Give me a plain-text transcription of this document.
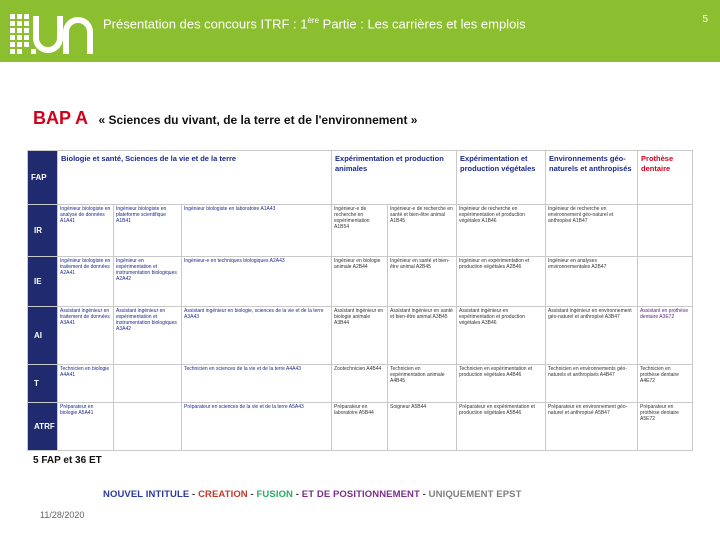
Présentation des concours ITRF : 1ère Partie : Les carrières et les emplois	5
BAP A « Sciences du vivant, de la terre et de l'environnement »
FAP	Biologie et santé, Sciences de la vie et de la terre			Expérimentation et production animales		Expérimentation et production végétales	Environnements géo-naturels et anthropisés	Prothèse dentaire
IR	Ingénieur biologiste en analyse de données A1A41	Ingénieur biologiste en plateforme scientifique A1B41	Ingénieur biologiste en laboratoire A1A43	Ingénieur-e de recherche en expérimentation A1B54	Ingénieur-e de recherche en santé et bien-être animal A1B45	Ingénieur de recherche en expérimentation et production végétales A1B46	Ingénieur de recherche en environnement géo-naturel et anthropisé A1B47	
IE	Ingénieur biologiste en traitement de données A2A41	Ingénieur en expérimentation et instrumentation biologiques A2A42	Ingénieur-e en techniques biologiques A2A43	Ingénieur en biologie animale A2B44	Ingénieur en santé et bien-être animal A2B45	Ingénieur en expérimentation et production végétales A2B46	Ingénieur en analyses environnementales A2B47	
AI	Assistant ingénieur en traitement de données A3A41	Assistant ingénieur en expérimentation et instrumentation biologiques A3A42	Assistant ingénieur en biologie, sciences de la vie et de la terre A3A43	Assistant ingénieur en biologie animale A3B44	Assistant ingénieur en santé et bien-être animal A3B45	Assistant ingénieur en expérimentation et production végétales A3B46	Assistant ingénieur en environnement géo-naturel et anthropisé A3B47	Assistant en prothèse dentaire A3E72
T	Technicien en biologie A4A41		Technicien en sciences de la vie et de la terre A4A43	Zootechnicien A4B44	Technicien en expérimentation animale A4B45	Technicien en expérimentation et production végétales A4B46	Technicien en environnements géo-naturels et anthropisés A4B47	Technicien en prothèse dentaire A4E72
ATRF	Préparateur en biologie A5A41		Préparateur en sciences de la vie et de la terre A5A43	Préparateur en laboratoire A5B44	Soigneur A5B44	Préparateur en expérimentation et production végétales A5B46	Préparateur en environnement géo-naturel et anthropisé A5B47	Préparateur en prothèse dentaire A5E72
5 FAP et 36 ET
NOUVEL INTITULE - CREATION - FUSION - ET DE POSITIONNEMENT - UNIQUEMENT EPST
11/28/2020
